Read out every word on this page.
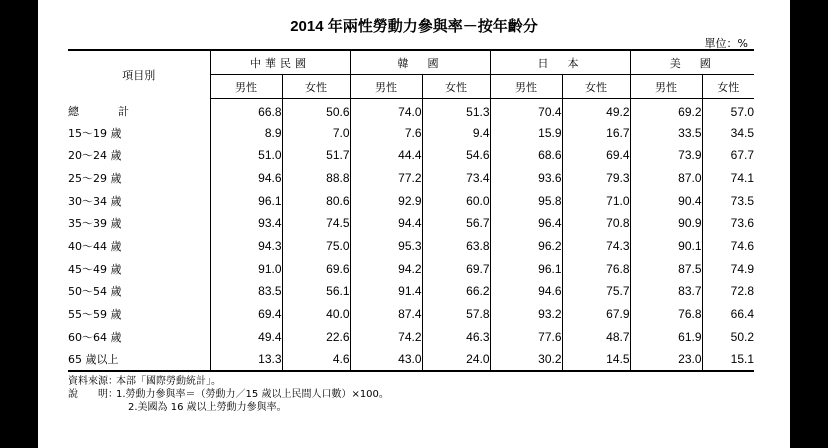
2014 年兩性勞動力參與率－按年齡分
單位：%
項目別	中華民國		韓　國		日　本		美　國	
	男性	女性	男性	女性	男性	女性	男性	女性
總　計	66.8	50.6	74.0	51.3	70.4	49.2	69.2	57.0
15～19 歲	8.9	7.0	7.6	9.4	15.9	16.7	33.5	34.5
20～24 歲	51.0	51.7	44.4	54.6	68.6	69.4	73.9	67.7
25～29 歲	94.6	88.8	77.2	73.4	93.6	79.3	87.0	74.1
30～34 歲	96.1	80.6	92.9	60.0	95.8	71.0	90.4	73.5
35～39 歲	93.4	74.5	94.4	56.7	96.4	70.8	90.9	73.6
40～44 歲	94.3	75.0	95.3	63.8	96.2	74.3	90.1	74.6
45～49 歲	91.0	69.6	94.2	69.7	96.1	76.8	87.5	74.9
50～54 歲	83.5	56.1	91.4	66.2	94.6	75.7	83.7	72.8
55～59 歲	69.4	40.0	87.4	57.8	93.2	67.9	76.8	66.4
60～64 歲	49.4	22.6	74.2	46.3	77.6	48.7	61.9	50.2
65 歲以上	13.3	4.6	43.0	24.0	30.2	14.5	23.0	15.1
資料來源：本部「國際勞動統計」。
說　　明：1.勞動力參與率＝（勞動力／15 歲以上民間人口數）×100。
2.美國為 16 歲以上勞動力參與率。
